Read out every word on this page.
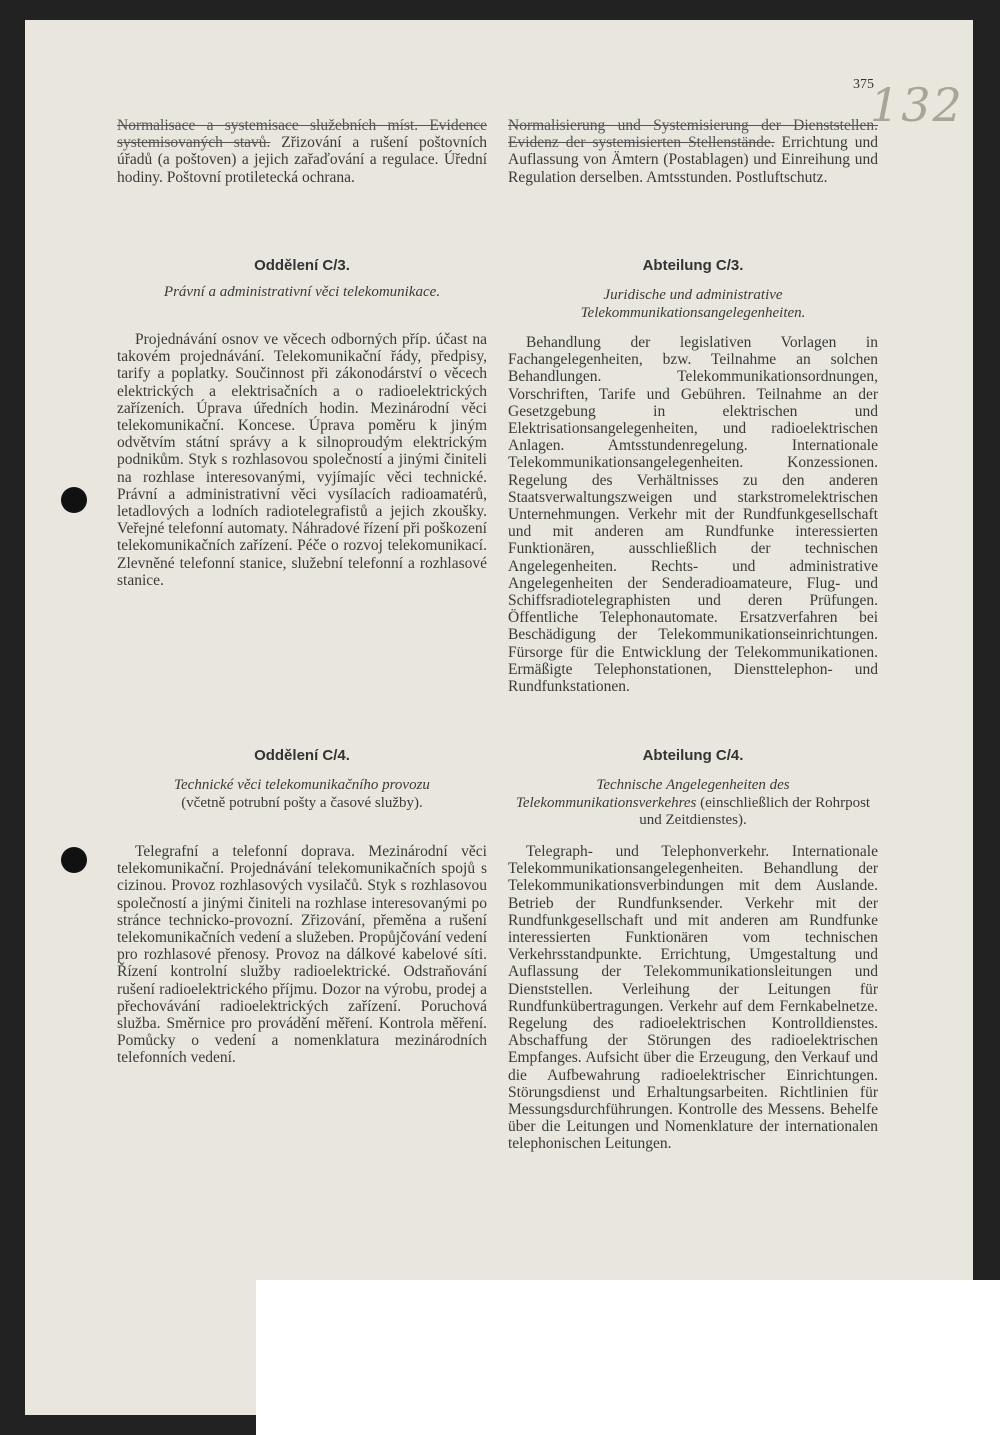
375
132
Normalisace a systemisace služebních míst. Evidence systemisovaných stavů. Zřizování a rušení poštovních úřadů (a poštoven) a jejich zařaďování a regulace. Úřední hodiny. Poštovní protiletecká ochrana.
Normalisierung und Systemisierung der Dienststellen. Evidenz der systemisierten Stellenstände. Errichtung und Auflassung von Ämtern (Postablagen) und Einreihung und Regulation derselben. Amtsstunden. Postluftschutz.
Oddělení C/3.	Abteilung C/3.
Právní a administrativní věci telekomunikace.	Juridische und administrative Telekommunikationsangelegenheiten.

Projednávání osnov ve věcech odborných příp. účast na takovém projednávání. Telekomunikační řády, předpisy, tarify a poplatky. Součinnost při zákonodárství o věcech elektrických a elektrisačních a o radioelektrických zařízeních. Úprava úředních hodin. Mezinárodní věci telekomunikační. Koncese. Úprava poměru k jiným odvětvím státní správy a k silnoproudým elektrickým podnikům. Styk s rozhlasovou společností a jinými činiteli na rozhlase interesovanými, vyjímajíc věci technické. Právní a administrativní věci vysílacích radioamatérů, letadlových a lodních radiotelegrafistů a jejich zkoušky. Veřejné telefonní automaty. Náhradové řízení při poškození telekomunikačních zařízení. Péče o rozvoj telekomunikací. Zlevněné telefonní stanice, služební telefonní a rozhlasové stanice.

Behandlung der legislativen Vorlagen in Fachangelegenheiten, bzw. Teilnahme an solchen Behandlungen. Telekommunikationsordnungen, Vorschriften, Tarife und Gebühren. Teilnahme an der Gesetzgebung in elektrischen und Elektrisationsangelegenheiten, und radioelektrischen Anlagen. Amtsstundenregelung. Internationale Telekommunikationsangelegenheiten. Konzessionen. Regelung des Verhältnisses zu den anderen Staatsverwaltungszweigen und starkstromelektrischen Unternehmungen. Verkehr mit der Rundfunkgesellschaft und mit anderen am Rundfunke interessierten Funktionären, ausschließlich der technischen Angelegenheiten. Rechts- und administrative Angelegenheiten der Senderadioamateure, Flug- und Schiffsradiotelegraphisten und deren Prüfungen. Öffentliche Telephonautomate. Ersatzverfahren bei Beschädigung der Telekommunikationseinrichtungen. Fürsorge für die Entwicklung der Telekommunikationen. Ermäßigte Telephonstationen, Diensttelephon- und Rundfunkstationen.

Oddělení C/4.	Abteilung C/4.
Technické věci telekomunikačního provozu
(včetně potrubní pošty a časové služby).
Technische Angelegenheiten des Telekommunikationsverkehres (einschließlich der Rohrpost und Zeitdienstes).

Telegrafní a telefonní doprava. Mezinárodní věci telekomunikační. Projednávání telekomunikačních spojů s cizinou. Provoz rozhlasových vysilačů. Styk s rozhlasovou společností a jinými činiteli na rozhlase interesovanými po stránce technicko-provozní. Zřizování, přeměna a rušení telekomunikačních vedení a služeben. Propůjčování vedení pro rozhlasové přenosy. Provoz na dálkové kabelové síti. Řízení kontrolní služby radioelektrické. Odstraňování rušení radioelektrického příjmu. Dozor na výrobu, prodej a přechovávání radioelektrických zařízení. Poruchová služba. Směrnice pro provádění měření. Kontrola měření. Pomůcky o vedení a nomenklatura mezinárodních telefonních vedení.

Telegraph- und Telephonverkehr. Internationale Telekommunikationsangelegenheiten. Behandlung der Telekommunikationsverbindungen mit dem Auslande. Betrieb der Rundfunksender. Verkehr mit der Rundfunkgesellschaft und mit anderen am Rundfunke interessierten Funktionären vom technischen Verkehrsstandpunkte. Errichtung, Umgestaltung und Auflassung der Telekommunikationsleitungen und Dienststellen. Verleihung der Leitungen für Rundfunkübertragungen. Verkehr auf dem Fernkabelnetze. Regelung des radioelektrischen Kontrolldienstes. Abschaffung der Störungen des radioelektrischen Empfanges. Aufsicht über die Erzeugung, den Verkauf und die Aufbewahrung radioelektrischer Einrichtungen. Störungsdienst und Erhaltungsarbeiten. Richtlinien für Messungsdurchführungen. Kontrolle des Messens. Behelfe über die Leitungen und Nomenklature der internationalen telephonischen Leitungen.
